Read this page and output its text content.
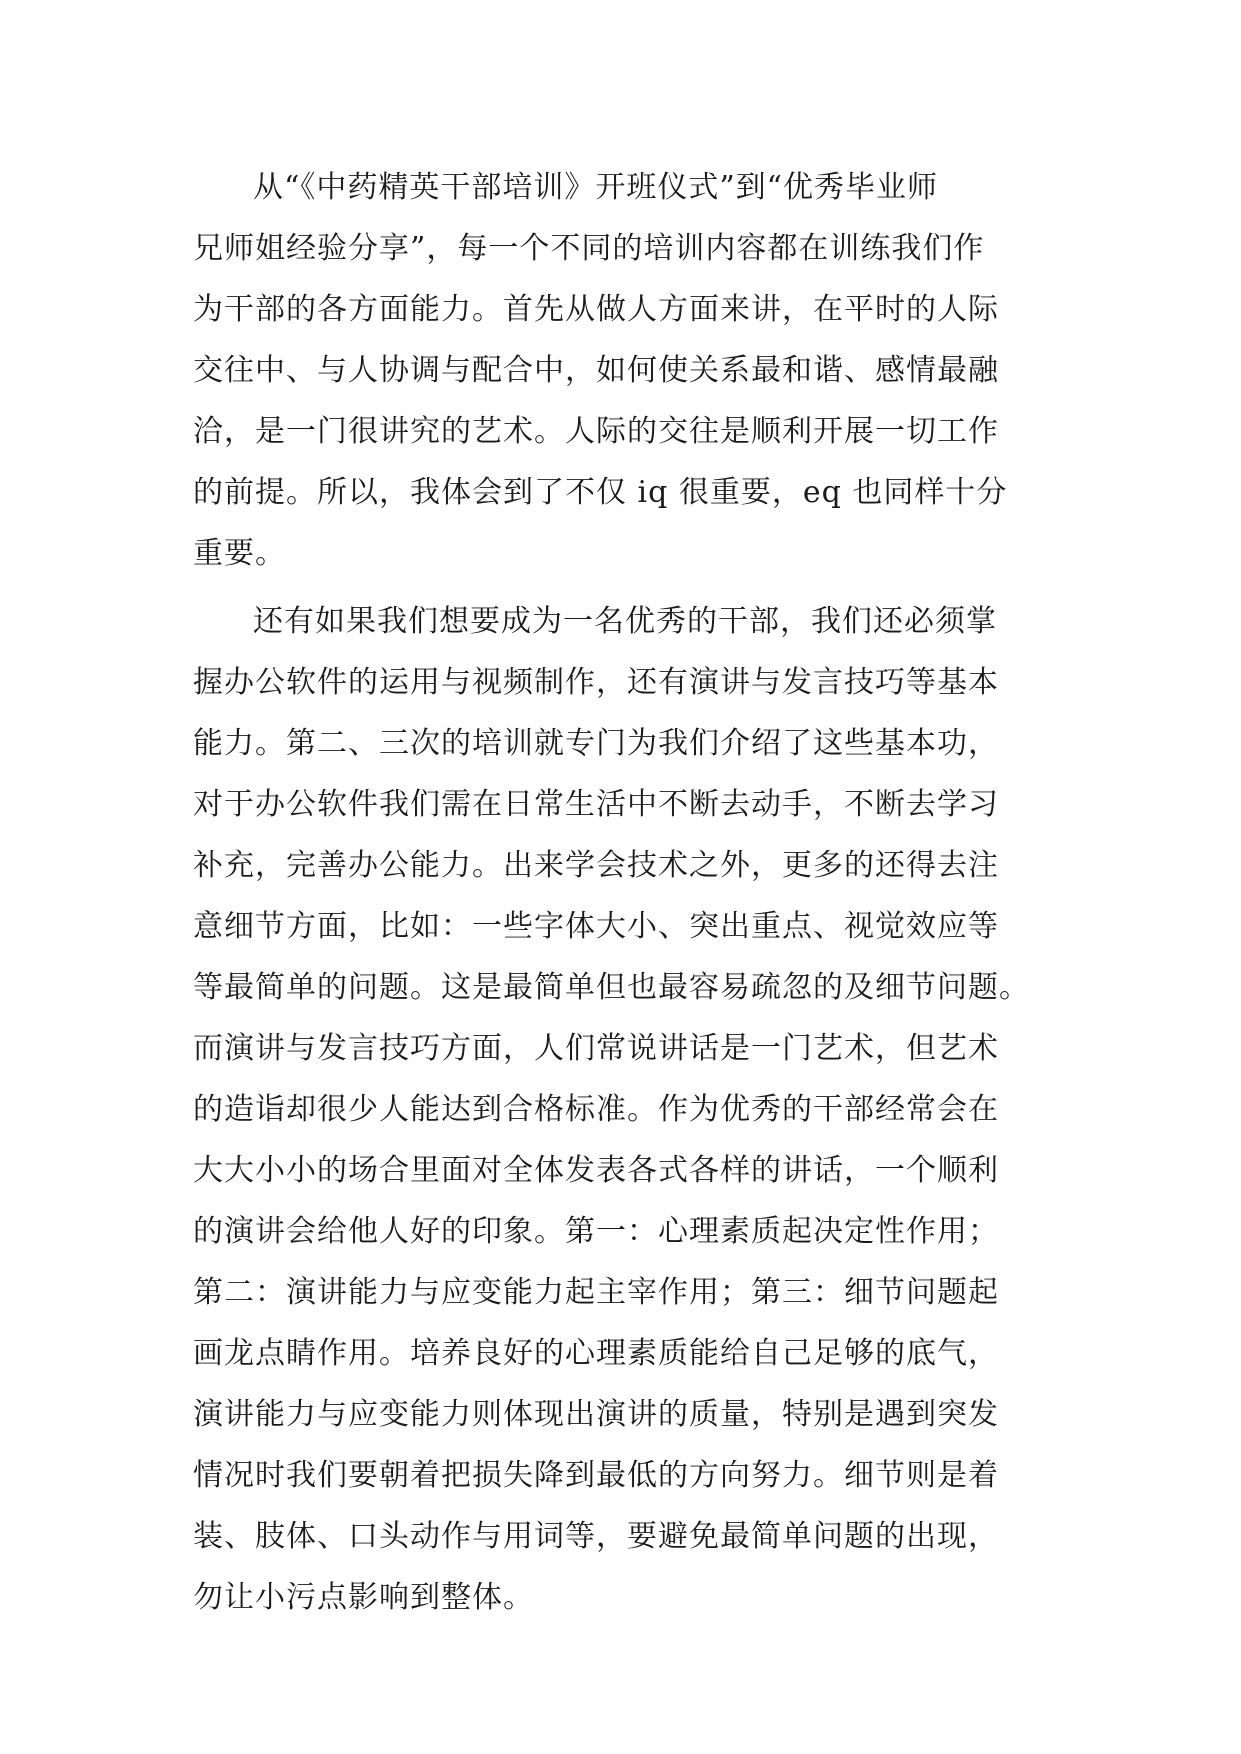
从“《中药精英干部培训》开班仪式”到“优秀毕业师
兄师姐经验分享”，每一个不同的培训内容都在训练我们作
为干部的各方面能力。首先从做人方面来讲，在平时的人际
交往中、与人协调与配合中，如何使关系最和谐、感情最融
洽，是一门很讲究的艺术。人际的交往是顺利开展一切工作
的前提。所以，我体会到了不仅 iq 很重要，eq 也同样十分
重要。
还有如果我们想要成为一名优秀的干部，我们还必须掌
握办公软件的运用与视频制作，还有演讲与发言技巧等基本
能力。第二、三次的培训就专门为我们介绍了这些基本功，
对于办公软件我们需在日常生活中不断去动手，不断去学习
补充，完善办公能力。出来学会技术之外，更多的还得去注
意细节方面，比如：一些字体大小、突出重点、视觉效应等
等最简单的问题。这是最简单但也最容易疏忽的及细节问题。
而演讲与发言技巧方面，人们常说讲话是一门艺术，但艺术
的造诣却很少人能达到合格标准。作为优秀的干部经常会在
大大小小的场合里面对全体发表各式各样的讲话，一个顺利
的演讲会给他人好的印象。第一：心理素质起决定性作用；
第二：演讲能力与应变能力起主宰作用；第三：细节问题起
画龙点睛作用。培养良好的心理素质能给自己足够的底气，
演讲能力与应变能力则体现出演讲的质量，特别是遇到突发
情况时我们要朝着把损失降到最低的方向努力。细节则是着
装、肢体、口头动作与用词等，要避免最简单问题的出现，
勿让小污点影响到整体。
